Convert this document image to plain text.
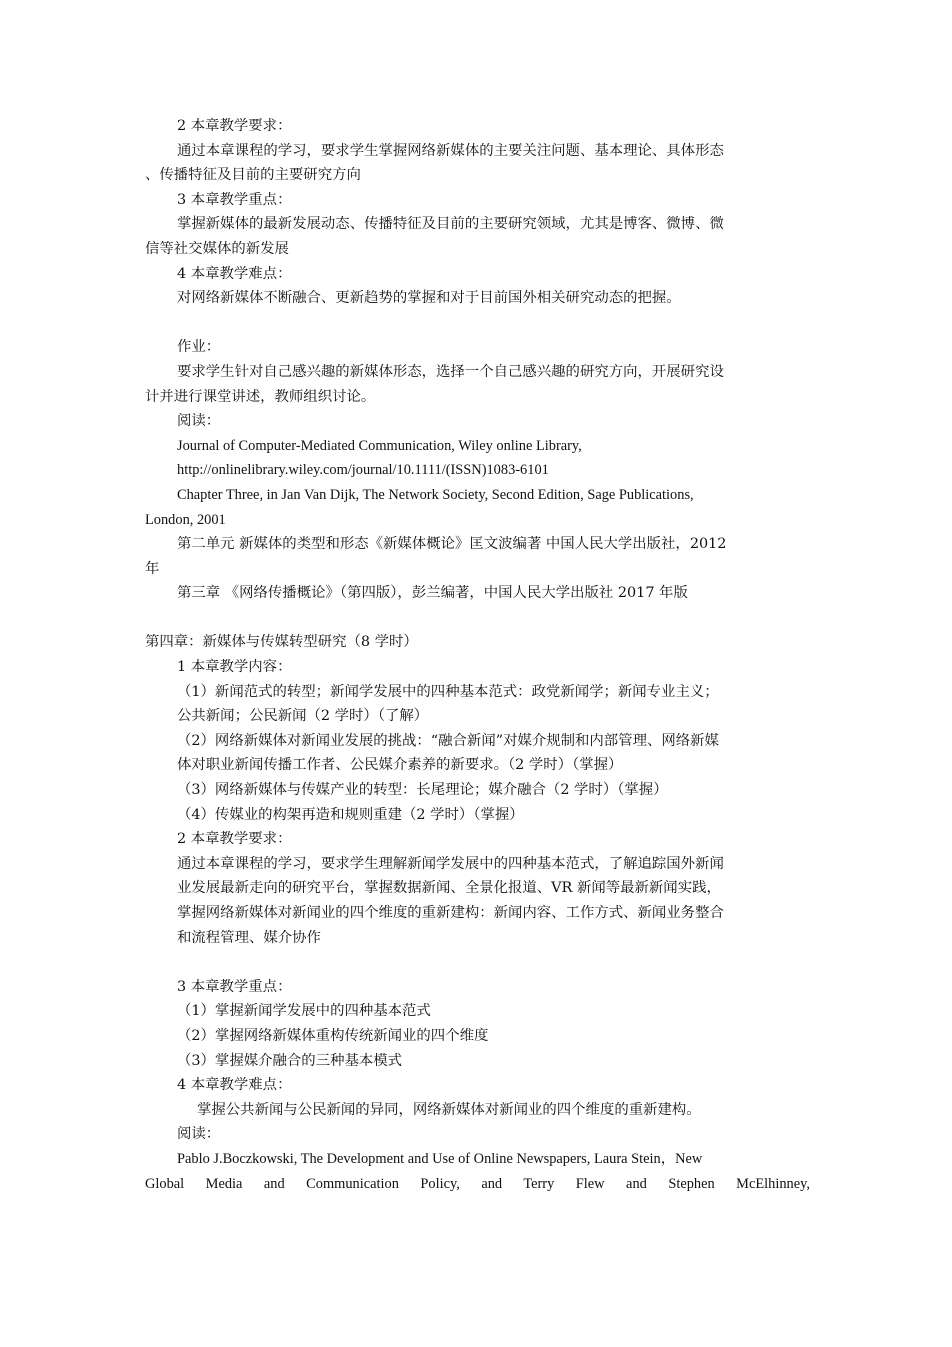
2 本章教学要求：

通过本章课程的学习，要求学生掌握网络新媒体的主要关注问题、基本理论、具体形态

、传播特征及目前的主要研究方向

3 本章教学重点：

掌握新媒体的最新发展动态、传播特征及目前的主要研究领域，尤其是博客、微博、微

信等社交媒体的新发展

4 本章教学难点：

对网络新媒体不断融合、更新趋势的掌握和对于目前国外相关研究动态的把握。

作业：

要求学生针对自己感兴趣的新媒体形态，选择一个自己感兴趣的研究方向，开展研究设

计并进行课堂讲述，教师组织讨论。

阅读：

Journal of Computer-Mediated Communication, Wiley online Library,

http://onlinelibrary.wiley.com/journal/10.1111/(ISSN)1083-6101

Chapter Three, in Jan Van Dijk, The Network Society, Second Edition, Sage Publications,

London, 2001

第二单元 新媒体的类型和形态《新媒体概论》匡文波编著 中国人民大学出版社，2012

年

第三章 《网络传播概论》（第四版），彭兰编著，中国人民大学出版社 2017 年版

第四章：新媒体与传媒转型研究（8 学时）

1 本章教学内容：

（1）新闻范式的转型；新闻学发展中的四种基本范式：政党新闻学；新闻专业主义；

公共新闻；公民新闻（2 学时）（了解）

（2）网络新媒体对新闻业发展的挑战：“融合新闻”对媒介规制和内部管理、网络新媒

体对职业新闻传播工作者、公民媒介素养的新要求。（2 学时）（掌握）

（3）网络新媒体与传媒产业的转型：长尾理论；媒介融合（2 学时）（掌握）

（4）传媒业的构架再造和规则重建（2 学时）（掌握）

2 本章教学要求：

通过本章课程的学习，要求学生理解新闻学发展中的四种基本范式，了解追踪国外新闻

业发展最新走向的研究平台，掌握数据新闻、全景化报道、VR 新闻等最新新闻实践，

掌握网络新媒体对新闻业的四个维度的重新建构：新闻内容、工作方式、新闻业务整合

和流程管理、媒介协作

3 本章教学重点：

（1）掌握新闻学发展中的四种基本范式

（2）掌握网络新媒体重构传统新闻业的四个维度

（3）掌握媒介融合的三种基本模式

4 本章教学难点：

掌握公共新闻与公民新闻的异同，网络新媒体对新闻业的四个维度的重新建构。

阅读：

Pablo J.Boczkowski, The Development and Use of Online Newspapers, Laura Stein，New

Global Media and Communication Policy, and Terry Flew and Stephen McElhinney,
